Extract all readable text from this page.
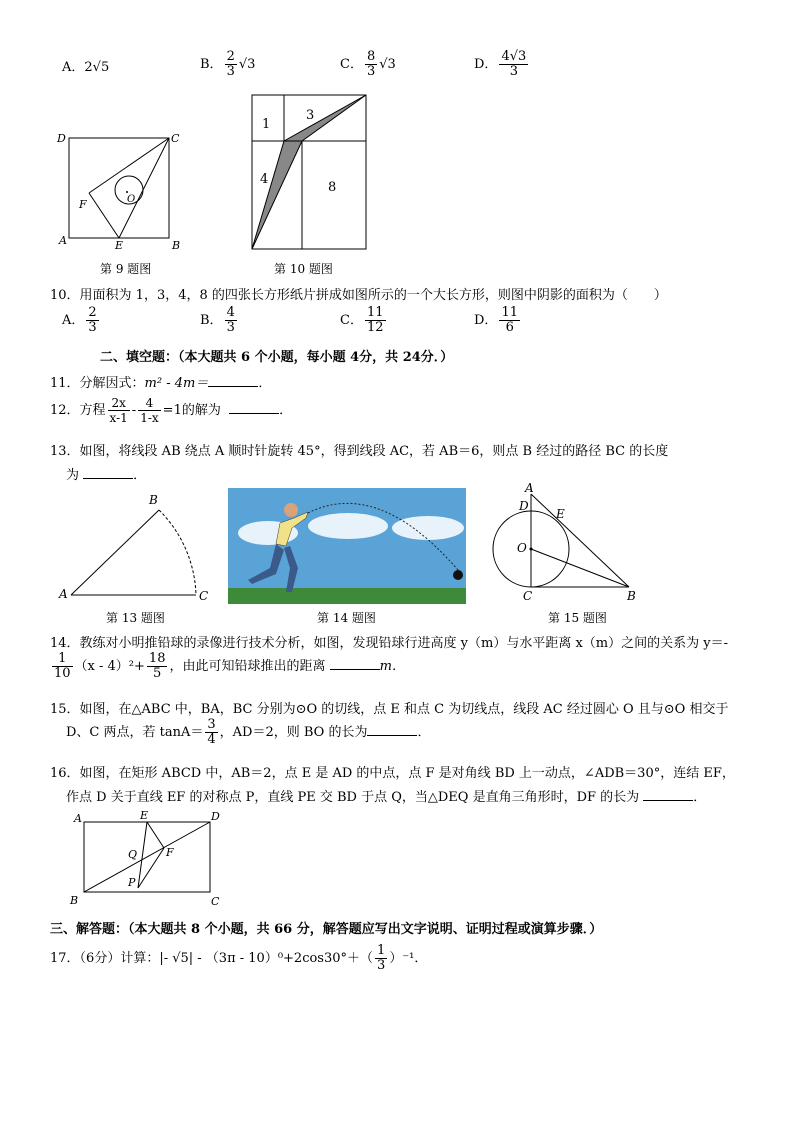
A．2√5	B． $\frac{2}{3} √3$	C． $\frac{8}{3} √3$	D． $\frac{4√3}{3}$
D	C
A	E	B
F	O
第 9 题图
1
3
4
8
第 10 题图
10．用面积为 1，3，4，8 的四张长方形纸片拼成如图所示的一个大长方形，则图中阴影的面积为（　　）
A． $\frac{2}{3}$	B． $\frac{4}{3}$	C． $\frac{11}{12}$	D． $\frac{11}{6}$
二、填空题：（本大题共 6 个小题，每小题 4分，共 24分．）
11．分解因式：m² - 4m＝	．
12．方程 $\frac{2x}{x-1} - \frac{4}{1-x} =1$的解为	．
13．如图，将线段 AB 绕点 A 顺时针旋转 45°，得到线段 AC，若 AB＝6，则点 B 经过的路径 BC 的长度
为	．
A
B
C
第 13 题图	第 14 题图
A
D
E
O
C	B
第 15 题图
14．教练对小明推铅球的录像进行技术分析，如图，发现铅球行进高度 y（m）与水平距离 x（m）之间的关系为 y＝-
$\frac{1}{10} (x - 4)^2+ \frac{18}{5}$ ，由此可知铅球推出的距离	m．
15．如图，在△ABC 中，BA，BC 分别为⊙O 的切线，点 E 和点 C 为切线点，线段 AC 经过圆心 O 且与⊙O 相交于
D、C 两点，若 $\tan A= \frac{3}{4}$ ，AD＝2，则 BO 的长为	．
16．如图，在矩形 ABCD 中，AB＝2，点 E 是 AD 的中点，点 F 是对角线 BD 上一动点，∠ADB＝30°，连结 EF，
作点 D 关于直线 EF 的对称点 P，直线 PE 交 BD 于点 Q，当△DEQ 是直角三角形时，DF 的长为	．
A	E	D
Q	F
P
B	C
三、解答题：（本大题共 8 个小题，共 66 分，解答题应写出文字说明、证明过程或演算步骤．）
17．（6分）计算：|- $√5| - (3\pi - 10)^0+2\cos 30^\circ+( \frac{1}{3} )^{-1}$．
